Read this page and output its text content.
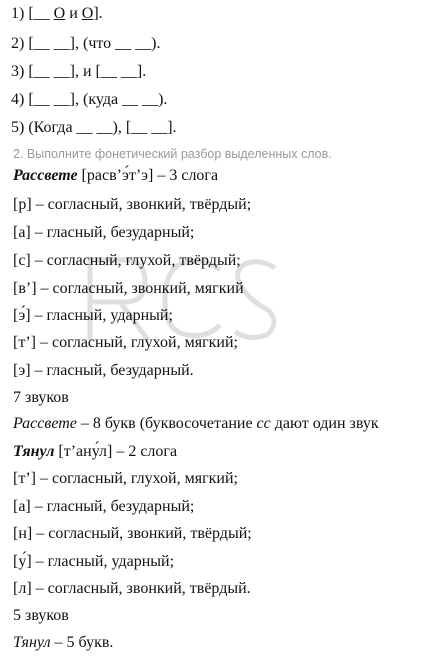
1) [__ О и О].
2) [__ __], (что __ __).
3) [__ __], и [__ __].
4) [__ __], (куда __ __).
5) (Когда __ __), [__ __].
2. Выполните фонетический разбор выделенных слов.
Рассвете [расв’э́т’э] – 3 слога
[р] – согласный, звонкий, твёрдый;
[а] – гласный, безударный;
[с] – согласный, глухой, твёрдый;
[в’] – согласный, звонкий, мягкий
[э́] – гласный, ударный;
[т’] – согласный, глухой, мягкий;
[э] – гласный, безударный.
7 звуков
Рассвете – 8 букв (буквосочетание сс дают один звук
Тянул [т’ану́л] – 2 слога
[т’] – согласный, глухой, мягкий;
[а] – гласный, безударный;
[н] – согласный, звонкий, твёрдый;
[у́] – гласный, ударный;
[л] – согласный, звонкий, твёрдый.
5 звуков
Тянул – 5 букв.
